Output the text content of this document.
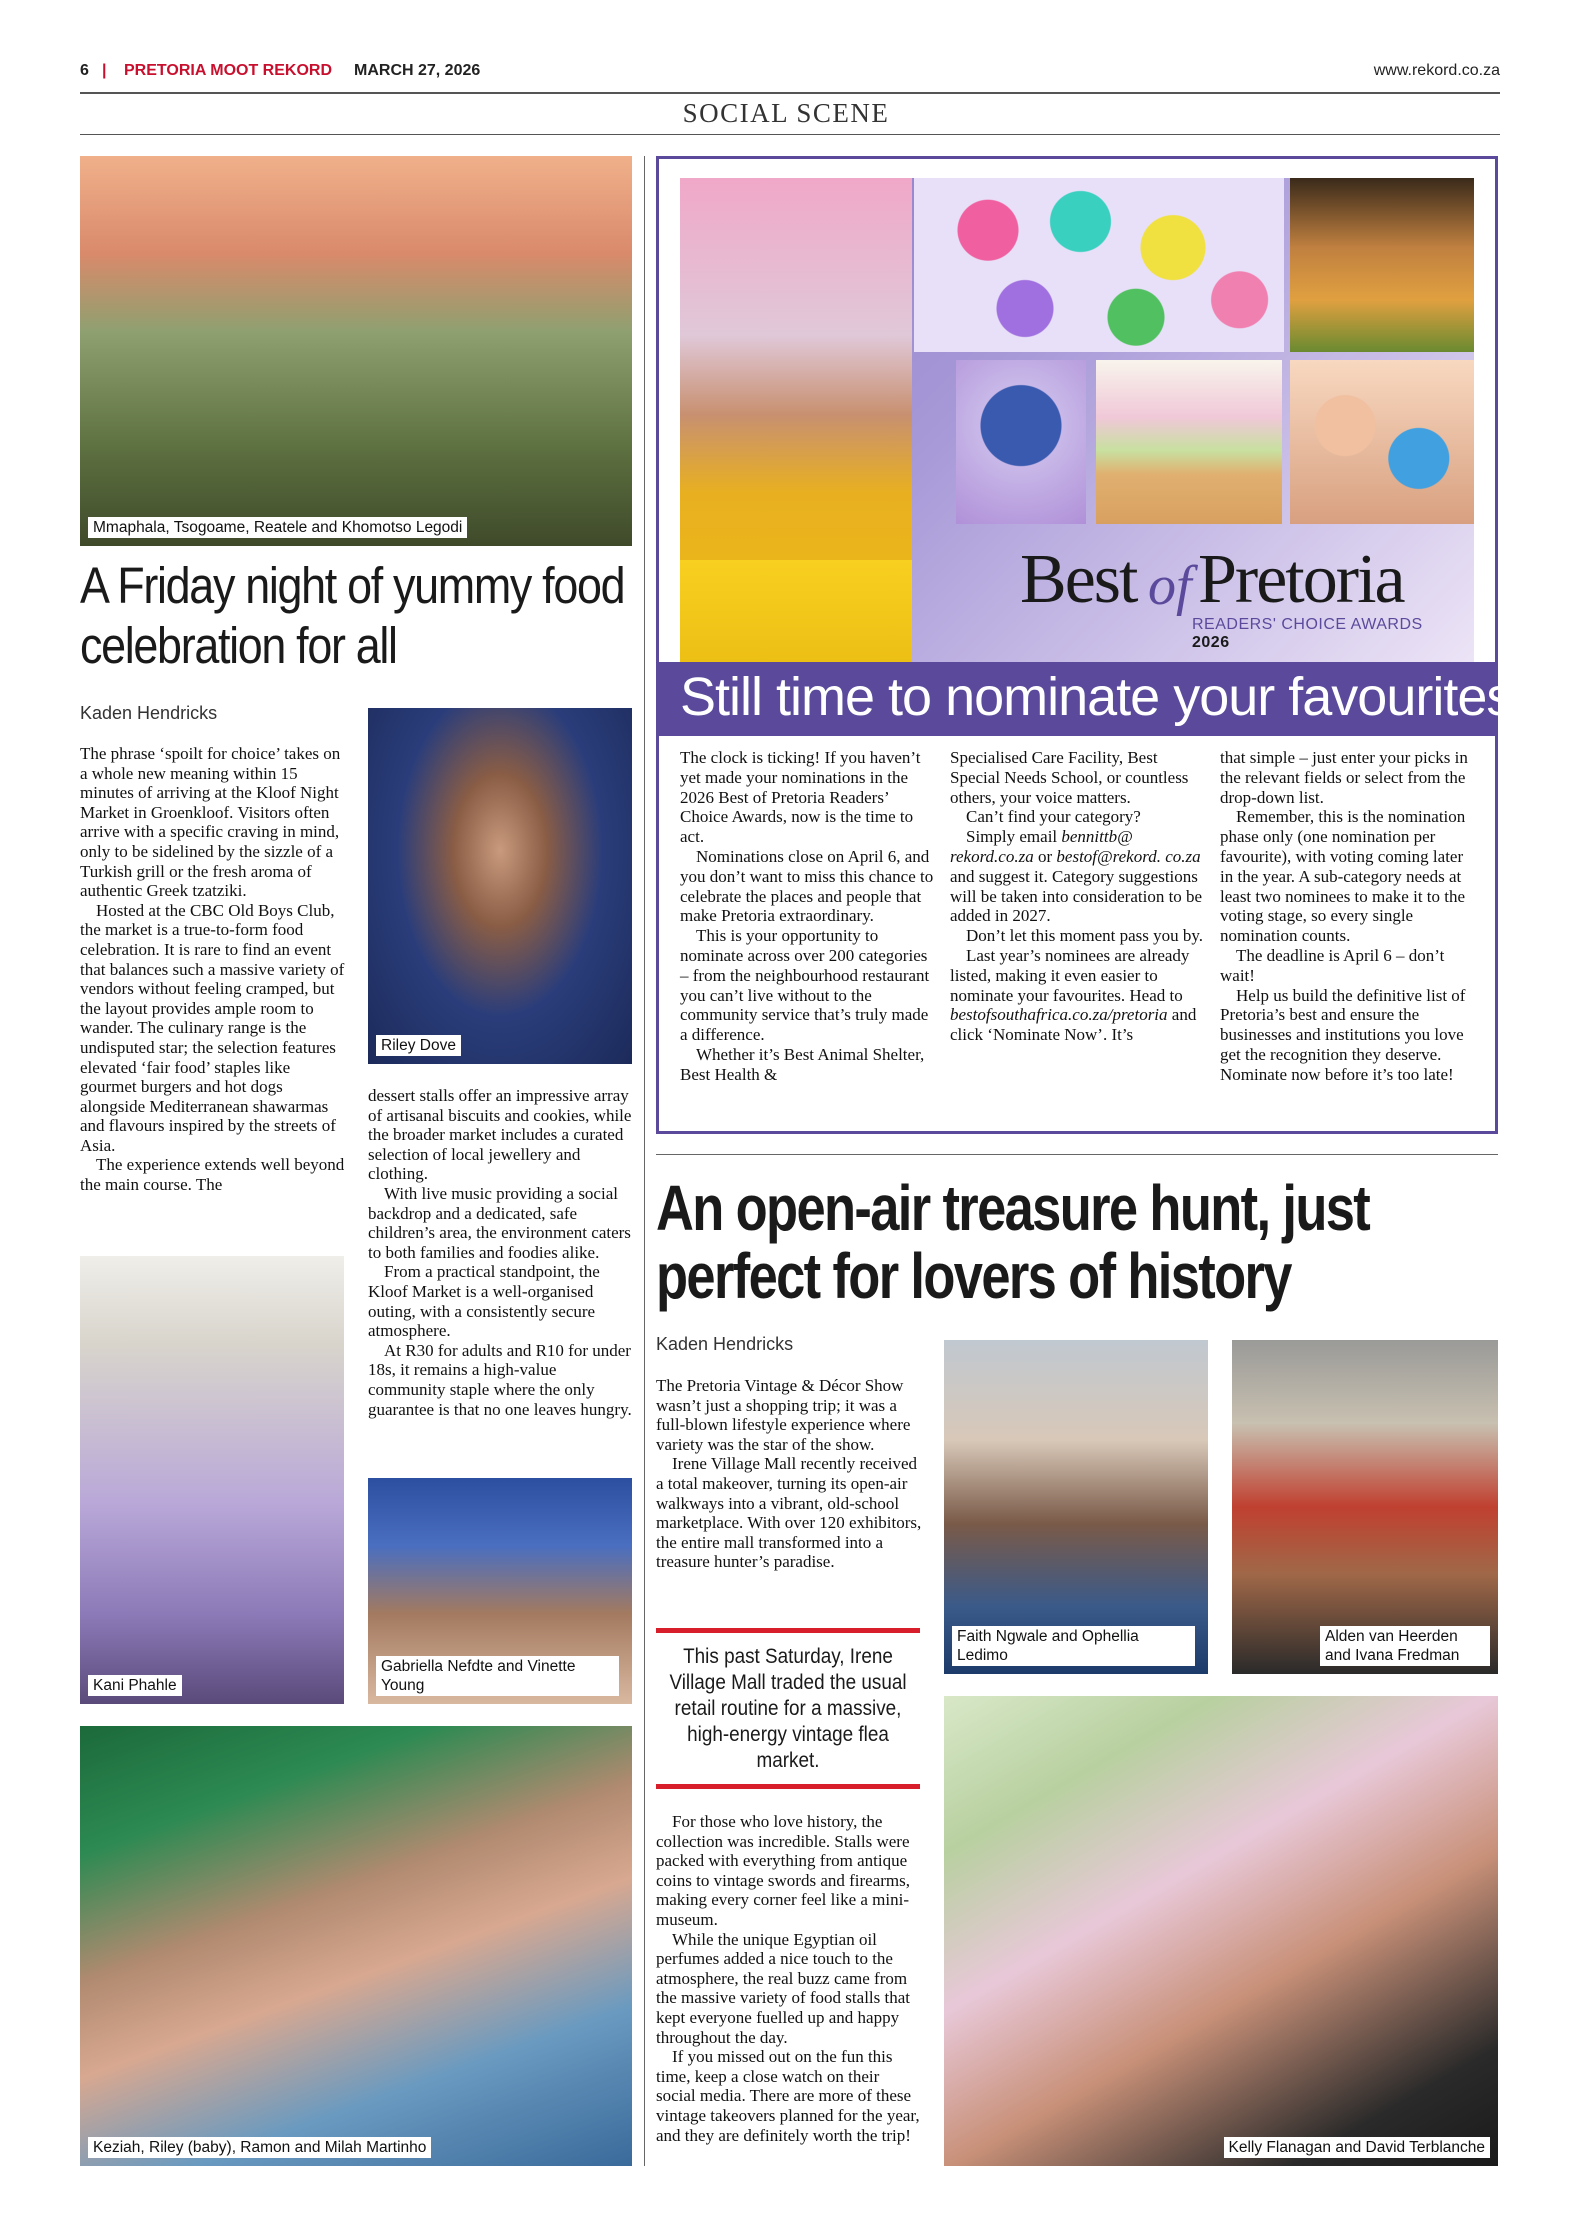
6 | PRETORIA MOOT REKORD MARCH 27, 2026	www.rekord.co.za
SOCIAL SCENE
Mmaphala, Tsogoame, Reatele and Khomotso Legodi
A Friday night of yummy food celebration for all
Kaden Hendricks

The phrase ‘spoilt for choice’ takes on a whole new meaning within 15 minutes of arriving at the Kloof Night Market in Groenkloof. Visitors often arrive with a specific craving in mind, only to be sidelined by the sizzle of a Turkish grill or the fresh aroma of authentic Greek tzatziki.

Hosted at the CBC Old Boys Club, the market is a true-to-form food celebration. It is rare to find an event that balances such a massive variety of vendors without feeling cramped, but the layout provides ample room to wander. The culinary range is the undisputed star; the selection features elevated ‘fair food’ staples like gourmet burgers and hot dogs alongside Mediterranean shawarmas and flavours inspired by the streets of Asia.

The experience extends well beyond the main course. The

Riley Dove

dessert stalls offer an impressive array of artisanal biscuits and cookies, while the broader market includes a curated selection of local jewellery and clothing.

With live music providing a social backdrop and a dedicated, safe children’s area, the environment caters to both families and foodies alike.

From a practical standpoint, the Kloof Market is a well-organised outing, with a consistently secure atmosphere.

At R30 for adults and R10 for under 18s, it remains a high-value community staple where the only guarantee is that no one leaves hungry.

Kani Phahle
Gabriella Nefdte and Vinette Young
Keziah, Riley (baby), Ramon and Milah Martinho
Best of Pretoria
READERS' CHOICE AWARDS 2026
Still time to nominate your favourites

The clock is ticking! If you haven’t yet made your nominations in the 2026 Best of Pretoria Readers’ Choice Awards, now is the time to act.

Nominations close on April 6, and you don’t want to miss this chance to celebrate the places and people that make Pretoria extraordinary.

This is your opportunity to nominate across over 200 categories – from the neighbourhood restaurant you can’t live without to the community service that’s truly made a difference.

Whether it’s Best Animal Shelter, Best Health &

Specialised Care Facility, Best Special Needs School, or countless others, your voice matters.

Can’t find your category?

Simply email bennittb@ rekord.co.za or bestof@rekord. co.za and suggest it. Category suggestions will be taken into consideration to be added in 2027.

Don’t let this moment pass you by.

Last year’s nominees are already listed, making it even easier to nominate your favourites. Head to bestofsouthafrica.co.za/pretoria and click ‘Nominate Now’. It’s

that simple – just enter your picks in the relevant fields or select from the drop-down list.

Remember, this is the nomination phase only (one nomination per favourite), with voting coming later in the year. A sub-category needs at least two nominees to make it to the voting stage, so every single nomination counts.

The deadline is April 6 – don’t wait!

Help us build the definitive list of Pretoria’s best and ensure the businesses and institutions you love get the recognition they deserve. Nominate now before it’s too late!

An open-air treasure hunt, just perfect for lovers of history
Kaden Hendricks

The Pretoria Vintage & Décor Show wasn’t just a shopping trip; it was a full-blown lifestyle experience where variety was the star of the show.

Irene Village Mall recently received a total makeover, turning its open-air walkways into a vibrant, old-school marketplace. With over 120 exhibitors, the entire mall transformed into a treasure hunter’s paradise.

This past Saturday, Irene Village Mall traded the usual retail routine for a massive, high-energy vintage flea market.

For those who love history, the collection was incredible. Stalls were packed with everything from antique coins to vintage swords and firearms, making every corner feel like a mini-museum.

While the unique Egyptian oil perfumes added a nice touch to the atmosphere, the real buzz came from the massive variety of food stalls that kept everyone fuelled up and happy throughout the day.

If you missed out on the fun this time, keep a close watch on their social media. There are more of these vintage takeovers planned for the year, and they are definitely worth the trip!

Faith Ngwale and Ophellia Ledimo
Alden van Heerden and Ivana Fredman
Kelly Flanagan and David Terblanche
